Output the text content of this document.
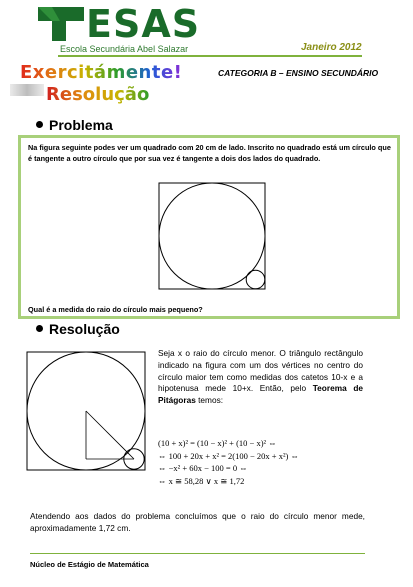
ESAS
Escola Secundária Abel Salazar	Janeiro 2012
Exercitámente!	CATEGORIA B – ENSINO SECUNDÁRIO
Resolução
Problema
Na figura seguinte podes ver um quadrado com 20 cm de lado. Inscrito no quadrado está um círculo que é tangente a outro círculo que por sua vez é tangente a dois dos lados do quadrado.
Qual é a medida do raio do círculo mais pequeno?
Resolução
Seja x o raio do círculo menor. O triângulo rectângulo indicado na figura com um dos vértices no centro do círculo maior tem como medidas dos catetos 10-x e a hipotenusa mede 10+x. Então, pelo Teorema de Pitágoras temos:
(10 + x)² = (10 − x)² + (10 − x)² ⇔
⇔ 100 + 20x + x² = 2(100 − 20x + x²) ⇔
⇔ −x² + 60x − 100 = 0 ⇔
⇔ x ≅ 58,28 ∨ x ≅ 1,72
Atendendo aos dados do problema concluímos que o raio do círculo menor mede, aproximadamente 1,72 cm.
Núcleo de Estágio de Matemática
